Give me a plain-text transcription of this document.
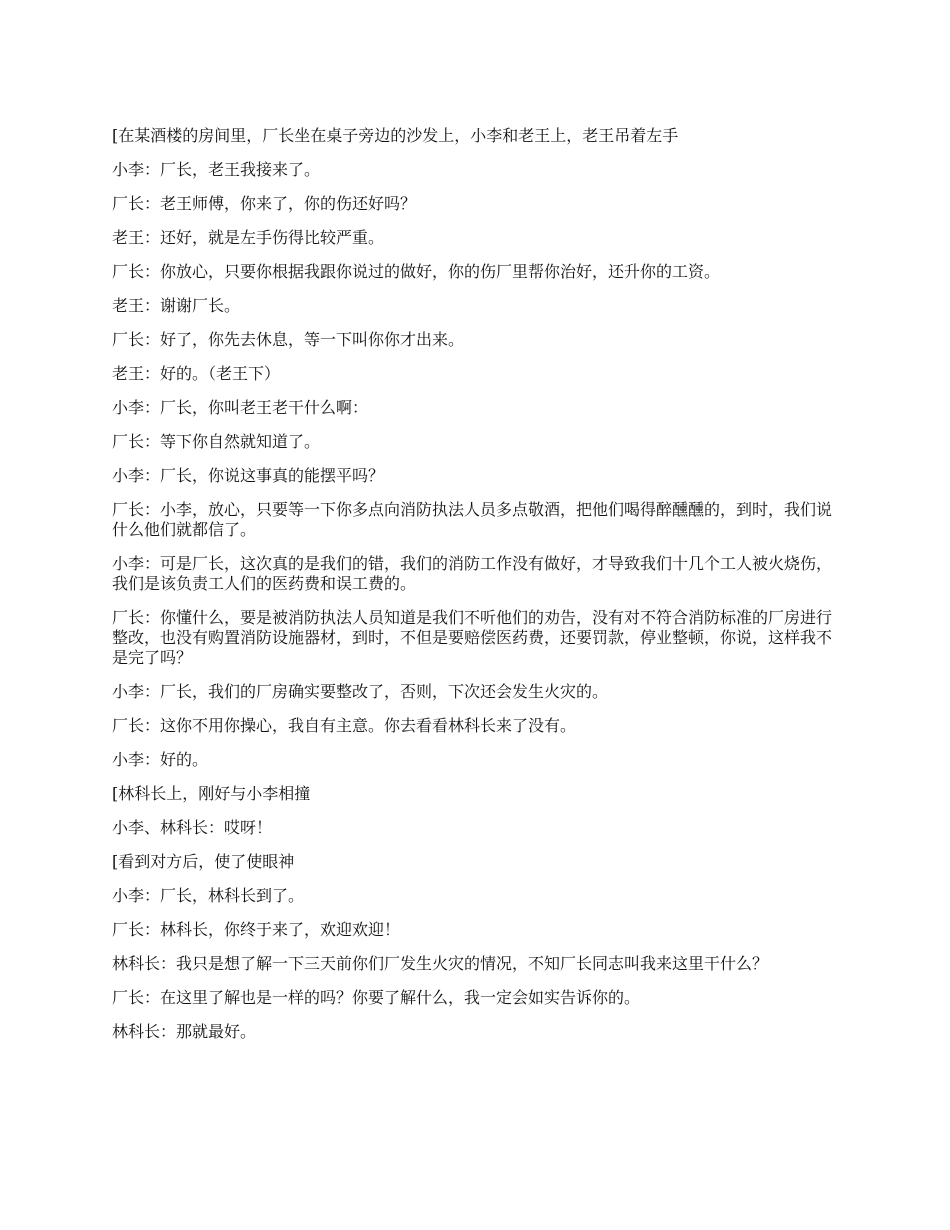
[在某酒楼的房间里，厂长坐在桌子旁边的沙发上，小李和老王上，老王吊着左手

小李：厂长，老王我接来了。

厂长：老王师傅，你来了，你的伤还好吗？

老王：还好，就是左手伤得比较严重。

厂长：你放心，只要你根据我跟你说过的做好，你的伤厂里帮你治好，还升你的工资。

老王：谢谢厂长。

厂长：好了，你先去休息，等一下叫你你才出来。

老王：好的。（老王下）

小李：厂长，你叫老王老干什么啊：

厂长：等下你自然就知道了。

小李：厂长，你说这事真的能摆平吗？

厂长：小李，放心，只要等一下你多点向消防执法人员多点敬酒，把他们喝得醉醺醺的，到时，我们说什么他们就都信了。

小李：可是厂长，这次真的是我们的错，我们的消防工作没有做好，才导致我们十几个工人被火烧伤，我们是该负责工人们的医药费和误工费的。

厂长：你懂什么，要是被消防执法人员知道是我们不听他们的劝告，没有对不符合消防标准的厂房进行整改，也没有购置消防设施器材，到时，不但是要赔偿医药费，还要罚款，停业整顿，你说，这样我不是完了吗？

小李：厂长，我们的厂房确实要整改了，否则，下次还会发生火灾的。

厂长：这你不用你操心，我自有主意。你去看看林科长来了没有。

小李：好的。

[林科长上，刚好与小李相撞

小李、林科长：哎呀！

[看到对方后，使了使眼神

小李：厂长，林科长到了。

厂长：林科长，你终于来了，欢迎欢迎！

林科长：我只是想了解一下三天前你们厂发生火灾的情况，不知厂长同志叫我来这里干什么？

厂长：在这里了解也是一样的吗？你要了解什么，我一定会如实告诉你的。

林科长：那就最好。
